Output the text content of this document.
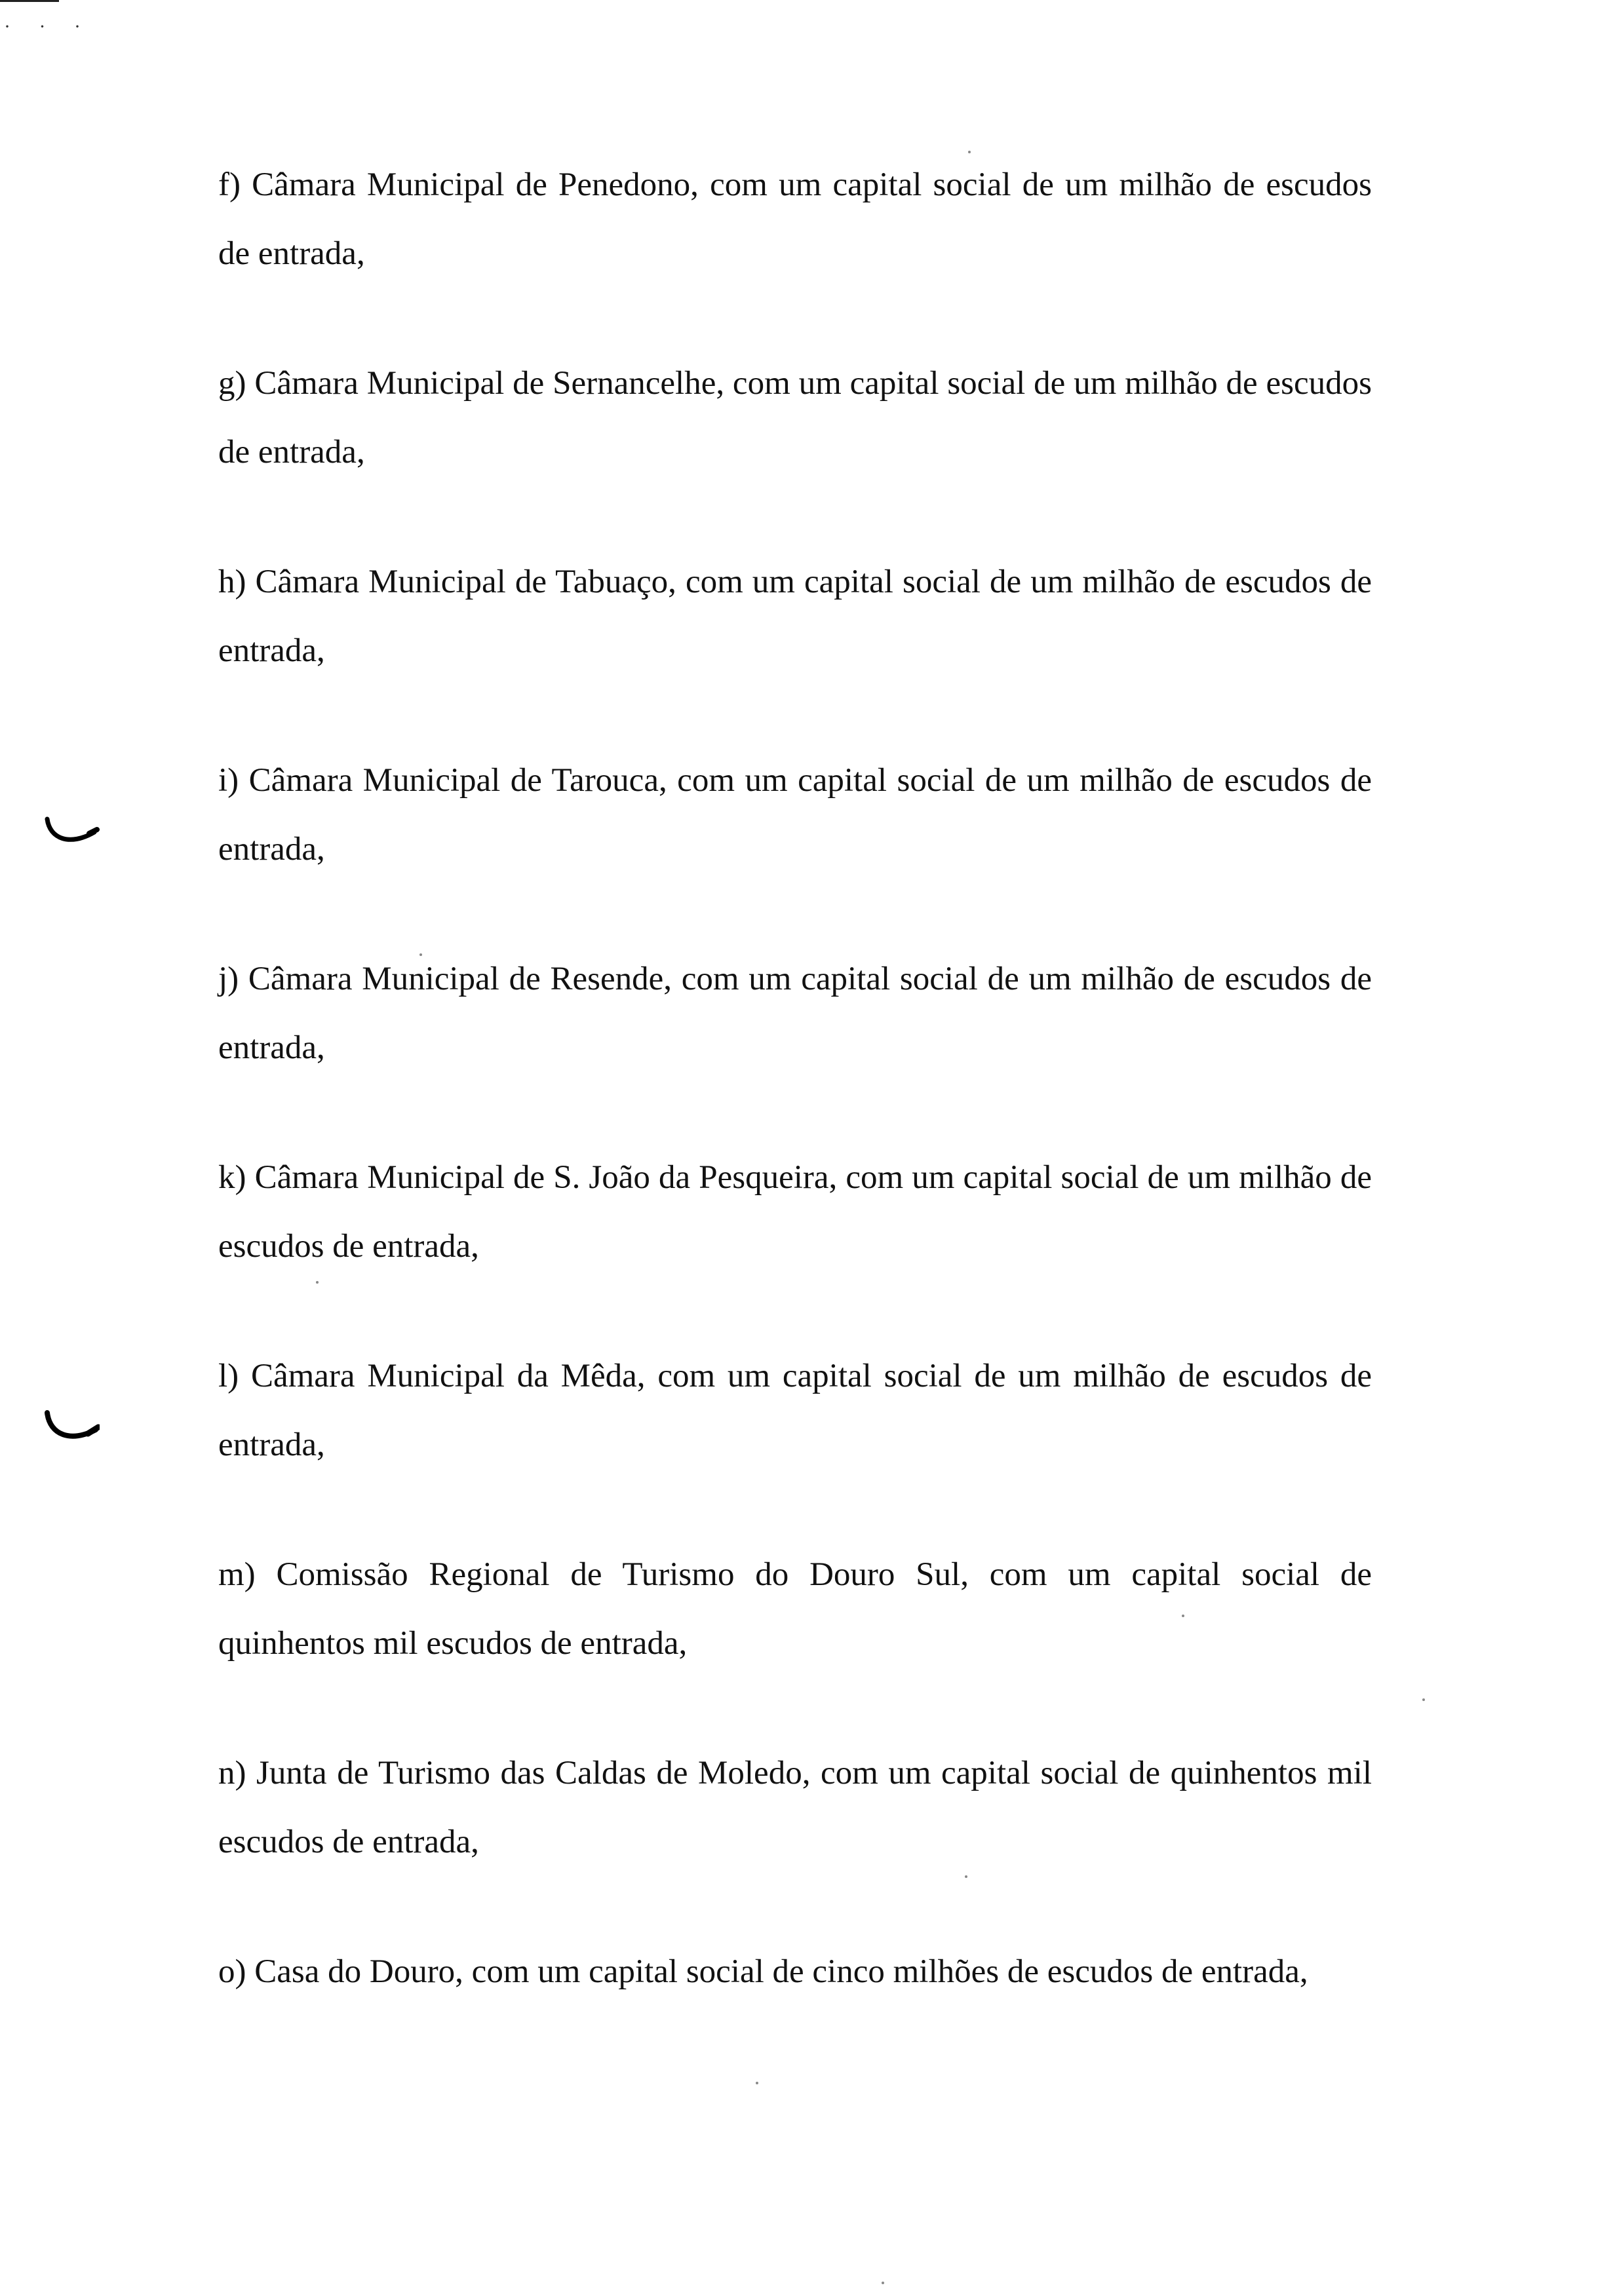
· · ·

f) Câmara Municipal de Penedono, com um capital social de um milhão de escudos de entrada,

g) Câmara Municipal de Sernancelhe, com um capital social de um milhão de escudos de entrada,

h) Câmara Municipal de Tabuaço, com um capital social de um milhão de escudos de entrada,

i) Câmara Municipal de Tarouca, com um capital social de um milhão de escudos de entrada,

j) Câmara Municipal de Resende, com um capital social de um milhão de escudos de entrada,

k) Câmara Municipal de S. João da Pesqueira, com um capital social de um milhão de escudos de entrada,

l) Câmara Municipal da Mêda, com um capital social de um milhão de escudos de entrada,

m) Comissão Regional de Turismo do Douro Sul, com um capital social de quinhentos mil escudos de entrada,

n) Junta de Turismo das Caldas de Moledo, com um capital social de quinhentos mil escudos de entrada,

o) Casa do Douro, com um capital social de cinco milhões de escudos de entrada,
